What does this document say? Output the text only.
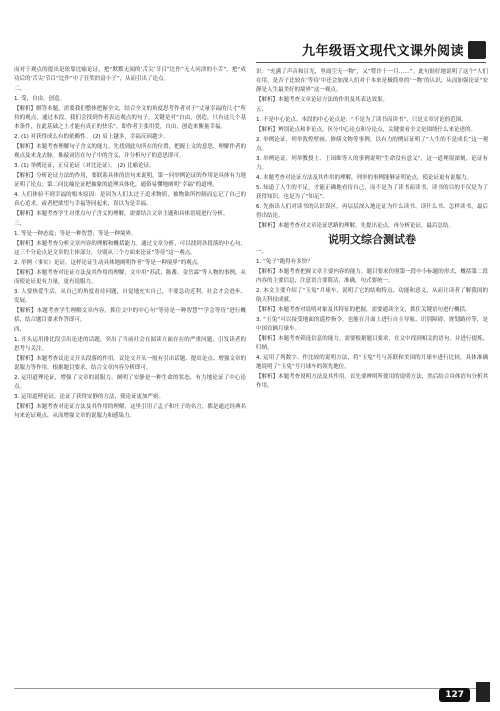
九年级语文现代文课外阅读

而对于观点的提出是依靠比喻论证，把“默默无闻的‘舌尖’节目”比作“无人问津的小舌”，把“成功后的‘舌尖’节目”比作“中了狂奖的富小子”，从而引出了论点。

二、

1. 受，自由。创造。

【解析】解答本题，需要我们整体把握全文，结合全文的角度思考作者对于“丈量幸福的尺寸”所持的观点，通过本段，我们会找到作者表达观点的句子，关键是对“自由，创造，只有这几个基本条件，在此基础之上才能有真正的快乐”。即作者主张用爱，自由，创造来衡量幸福。

2. (1) 对获得成么有的依赖性。 (2) 肩上越多，幸福反因越少。

【解析】本题考查理解句子含义的能力。先找到此句所在的位置，把握上文的意思，理解作者的观点及来龙去脉。推敲词语在句子中的含义，并分析句子的意思即可。

3. (1) 举例论证，正反论证（对比论证）。 (2) 比喻论证。

【解析】分析论证方法的作用，要联系具体的语句来说明。第一问举例论证的作用是具体有力地证明了论点；第二问比喻论证把抽象的道理具体化，通俗易懂地阐明“幸福”的道理。

4. 人们体验不到幸福的根本原因：是因为人们太过于追求物质，被物欲所控制而忘记了自己的真心追求，或者把欲望与幸福等同起来，误以为是幸福。

【解析】本题考查学生对重点句子含义的理解，需要结合文章主题和具体语境进行分析。

三、

1. 等是一种态度；等是一种智慧；等是一种境界。

【解析】本题考查分析文章内容的理解和概括能力。通过文章分析，可以找到各段落的中心句，这三个分论点是文章的主体部分，分别从三个方面来论证“等待”这一观点。

2. 举例（事实）论证。这样论证生动具体地阐明作者“等是一种境界”的观点。

【解析】本题考查对论证方法及其作用的理解，文中用“苏武、陈蕃、金岳霖”等人物的事例，从而使论证更有力量，更有说服力。

3. 人要热爱生活，从自己的角度看待问题，自觉地充实自己，不要急功近利，社会才会进步、发展。

【解析】本题考查学生理解文章内容，抓住文中的中心句“等待是一种智慧”“学会等待”进行概括，结合题目要求作答即可。

四、

1. 开头运用排比段引出论述的话题，突出了当前社会在阅读方面存在的严重问题，引发读者的思考与关注。

【解析】本题考查议论文开头段落的作用。议论文开头一般有引出话题、提出论点、增强文章的说服力等作用。根据题目要求，结合文章内容分析即可。

2. 运用道理论证，增强了文章的说服力，阐明了安静是一种生命的状态，有力地论证了中心论点。

3. 运用道理论证，论证了获得安静的方法，使论证更加严密。

【解析】本题考查对论证方法及其作用的理解，这里引用了孟子和庄子的名言，都是通过经典名句来论证观点，从而增强文章的说服力和感染力。

识：“充满了声音和目光，里面空无一物”，又“赞许十一月……”。此句很好地说明了这个“人们在用，是否子比较在‘等待’中还会加深人们对于本来是极简单的‘一物’的认识，从而加强论证“安静是人生最美好的境界”这一观点。

【解析】本题考查文章论证方法的作用及其表达效果。

五、

1. 不是中心论点。本段的中心论点是：“不是为了读书而读书”，只是文章讨论的范围。

【解析】辨别论点和非论点，区分中心论点和分论点，关键要看全文是围绕什么来论述的。

2. 举例论证，列举敦煌壁画、修缮文物等事例，以有力的例证证明了“人生的不是成长”这一观点。

3. 举例论证，列举教授士、王国维等人的事例说明“生命没有意义”，这一道理很深刻，论证有力。

4. 本题考查对论证方法及其作用的理解，列举的事例能够证明论点，使论证更有说服力。

5. 知道了人生的不足，才能正确地看待自己，而不是为了读书而读书，读书的目的不仅是为了获得知识，也是为了“知足”。

6. 先指出人们对读书的认识误区，再层层深入地论证为什么读书、读什么书、怎样读书，最后得出结论。

【解析】本题考查对文章论证思路的理解，先提出论点，再分析论证，最后总结。

说明文综合测试卷

一、

1. “兔子”跑得有多快？

【解析】本题考查把握文章主要内容的能力。题目要求仿照第一段中小标题的形式，概括第二段内容的主要信息，注意语言要简洁、准确，句式要统一。

2. 本文主要介绍了“玉兔”月球车，说明了它的结构特点、功能和意义，从而让读者了解我国的航天科技成就。

【解析】本题考查对说明对象及其特征的把握，需要通读全文，抓住关键语句进行概括。

3. “玉兔”可以接受地面的遥控指令，也能在月面上进行自主导航、识别障碍、规划路径等，是中国首辆月球车。

【解析】本题考查筛选信息的能力。需要根据题目要求，在文中找到相关的语句，并进行提炼、归纳。

4. 运用了列数字、作比较的说明方法，将“玉兔”号与苏联和美国的月球车进行比较，具体准确地说明了“玉兔”号月球车的领先地位。

【解析】本题考查说明方法及其作用。首先要辨明所使用的说明方法，然后结合具体语句分析其作用。

127
